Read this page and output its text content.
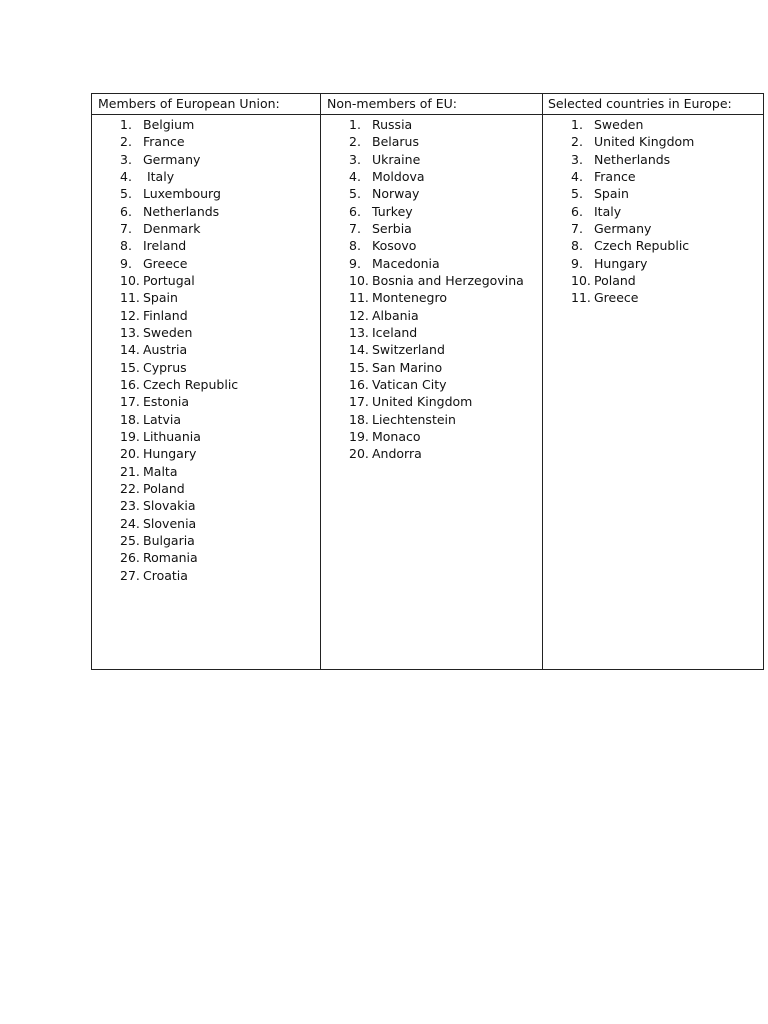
Members of European Union:	Non-members of EU:	Selected countries in Europe:
1. Belgium
2. France
3. Germany
4. Italy
5. Luxembourg
6. Netherlands
7. Denmark
8. Ireland
9. Greece
10. Portugal
11. Spain
12. Finland
13. Sweden
14. Austria
15. Cyprus
16. Czech Republic
17. Estonia
18. Latvia
19. Lithuania
20. Hungary
21. Malta
22. Poland
23. Slovakia
24. Slovenia
25. Bulgaria
26. Romania
27. Croatia
1. Russia
2. Belarus
3. Ukraine
4. Moldova
5. Norway
6. Turkey
7. Serbia
8. Kosovo
9. Macedonia
10. Bosnia and Herzegovina
11. Montenegro
12. Albania
13. Iceland
14. Switzerland
15. San Marino
16. Vatican City
17. United Kingdom
18. Liechtenstein
19. Monaco
20. Andorra
1. Sweden
2. United Kingdom
3. Netherlands
4. France
5. Spain
6. Italy
7. Germany
8. Czech Republic
9. Hungary
10. Poland
11. Greece
